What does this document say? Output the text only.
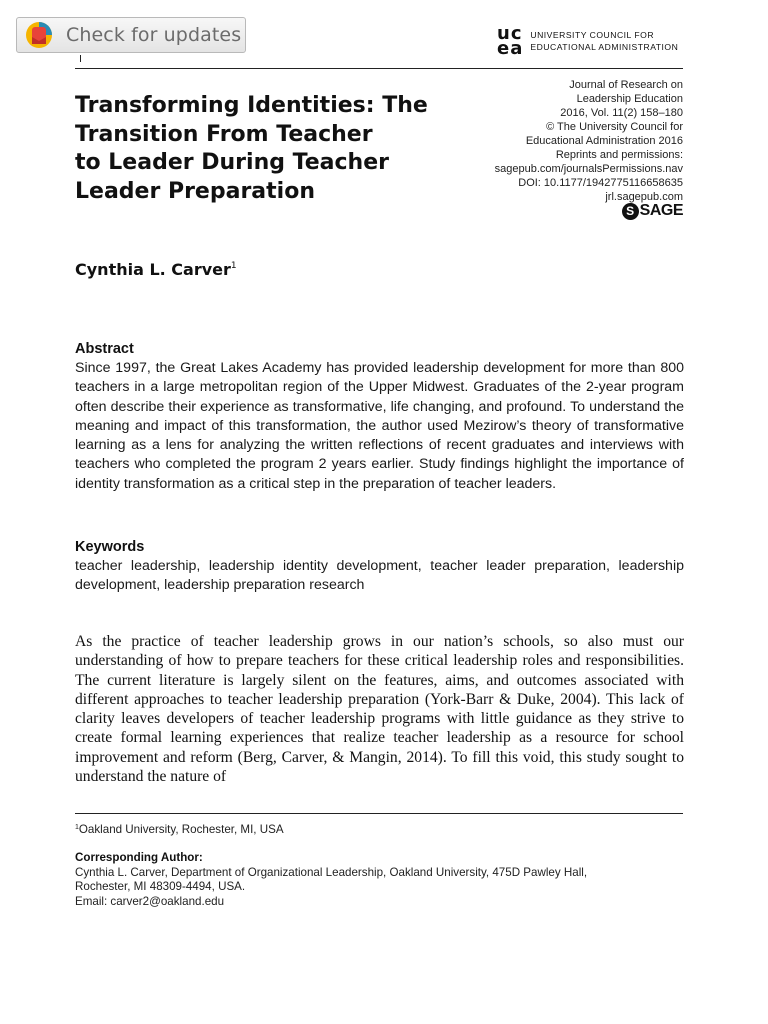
Check for updates	uc
ea
UNIVERSITY COUNCIL FOR
EDUCATIONAL ADMINISTRATION
Journal of Research on
Leadership Education
2016, Vol. 11(2) 158–180
© The University Council for
Educational Administration 2016
Reprints and permissions:
sagepub.com/journalsPermissions.nav
DOI: 10.1177/1942775116658635
jrl.sagepub.com
S SAGE
Transforming Identities: The
Transition From Teacher
to Leader During Teacher
Leader Preparation
Cynthia L. Carver$^1$
Abstract
Since 1997, the Great Lakes Academy has provided leadership development for more than 800 teachers in a large metropolitan region of the Upper Midwest. Graduates of the 2-year program often describe their experience as transformative, life changing, and profound. To understand the meaning and impact of this transformation, the author used Mezirow’s theory of transformative learning as a lens for analyzing the written reflections of recent graduates and interviews with teachers who completed the program 2 years earlier. Study findings highlight the importance of identity transformation as a critical step in the preparation of teacher leaders.
Keywords
teacher leadership, leadership identity development, teacher leader preparation, leadership development, leadership preparation research
As the practice of teacher leadership grows in our nation’s schools, so also must our understanding of how to prepare teachers for these critical leadership roles and responsibilities. The current literature is largely silent on the features, aims, and outcomes associated with different approaches to teacher leadership preparation (York-Barr & Duke, 2004). This lack of clarity leaves developers of teacher leadership programs with little guidance as they strive to create formal learning experiences that realize teacher leadership as a resource for school improvement and reform (Berg, Carver, & Mangin, 2014). To fill this void, this study sought to understand the nature of
$^1$Oakland University, Rochester, MI, USA
Corresponding Author:
Cynthia L. Carver, Department of Organizational Leadership, Oakland University, 475D Pawley Hall,
Rochester, MI 48309-4494, USA.
Email: carver2@oakland.edu
